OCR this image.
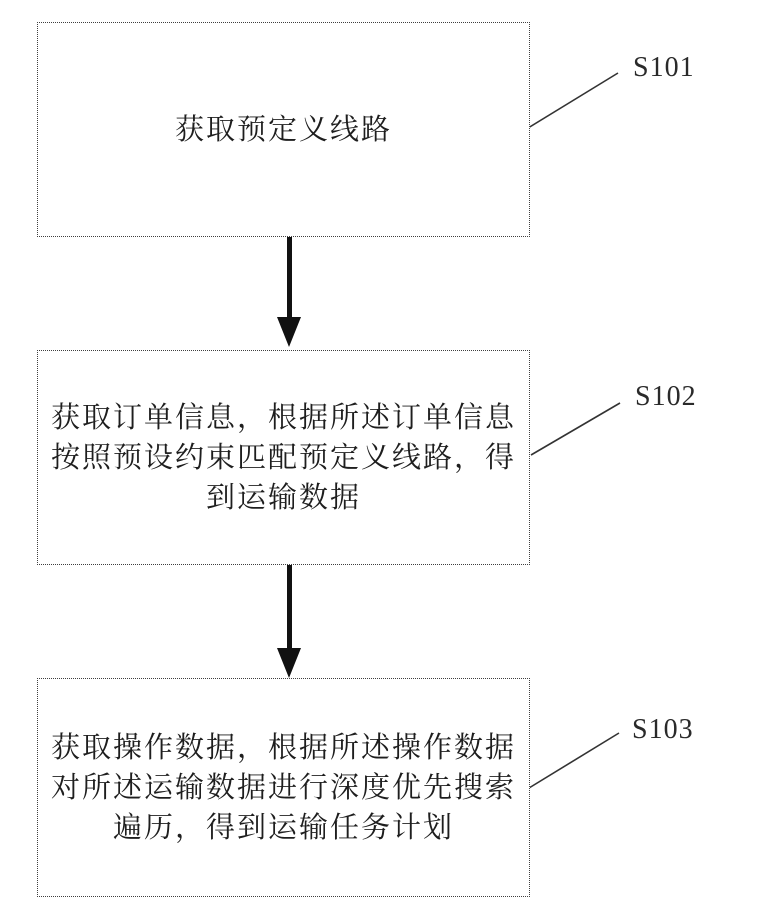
获取预定义线路
获取订单信息，根据所述订单信息
按照预设约束匹配预定义线路，得
到运输数据
获取操作数据，根据所述操作数据
对所述运输数据进行深度优先搜索
遍历，得到运输任务计划
S101
S102
S103
